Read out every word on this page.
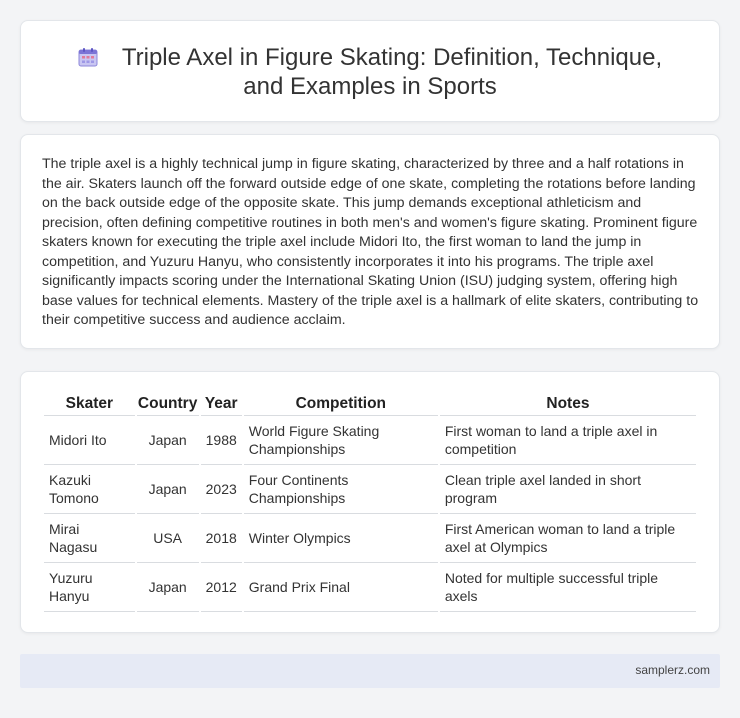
Triple Axel in Figure Skating: Definition, Technique, and Examples in Sports

The triple axel is a highly technical jump in figure skating, characterized by three and a half rotations in the air. Skaters launch off the forward outside edge of one skate, completing the rotations before landing on the back outside edge of the opposite skate. This jump demands exceptional athleticism and precision, often defining competitive routines in both men's and women's figure skating. Prominent figure skaters known for executing the triple axel include Midori Ito, the first woman to land the jump in competition, and Yuzuru Hanyu, who consistently incorporates it into his programs. The triple axel significantly impacts scoring under the International Skating Union (ISU) judging system, offering high base values for technical elements. Mastery of the triple axel is a hallmark of elite skaters, contributing to their competitive success and audience acclaim.

Skater	Country	Year	Competition	Notes
Midori Ito	Japan	1988	World Figure Skating Championships	First woman to land a triple axel in competition
Kazuki Tomono	Japan	2023	Four Continents Championships	Clean triple axel landed in short program
Mirai Nagasu	USA	2018	Winter Olympics	First American woman to land a triple axel at Olympics
Yuzuru Hanyu	Japan	2012	Grand Prix Final	Noted for multiple successful triple axels
samplerz.com
